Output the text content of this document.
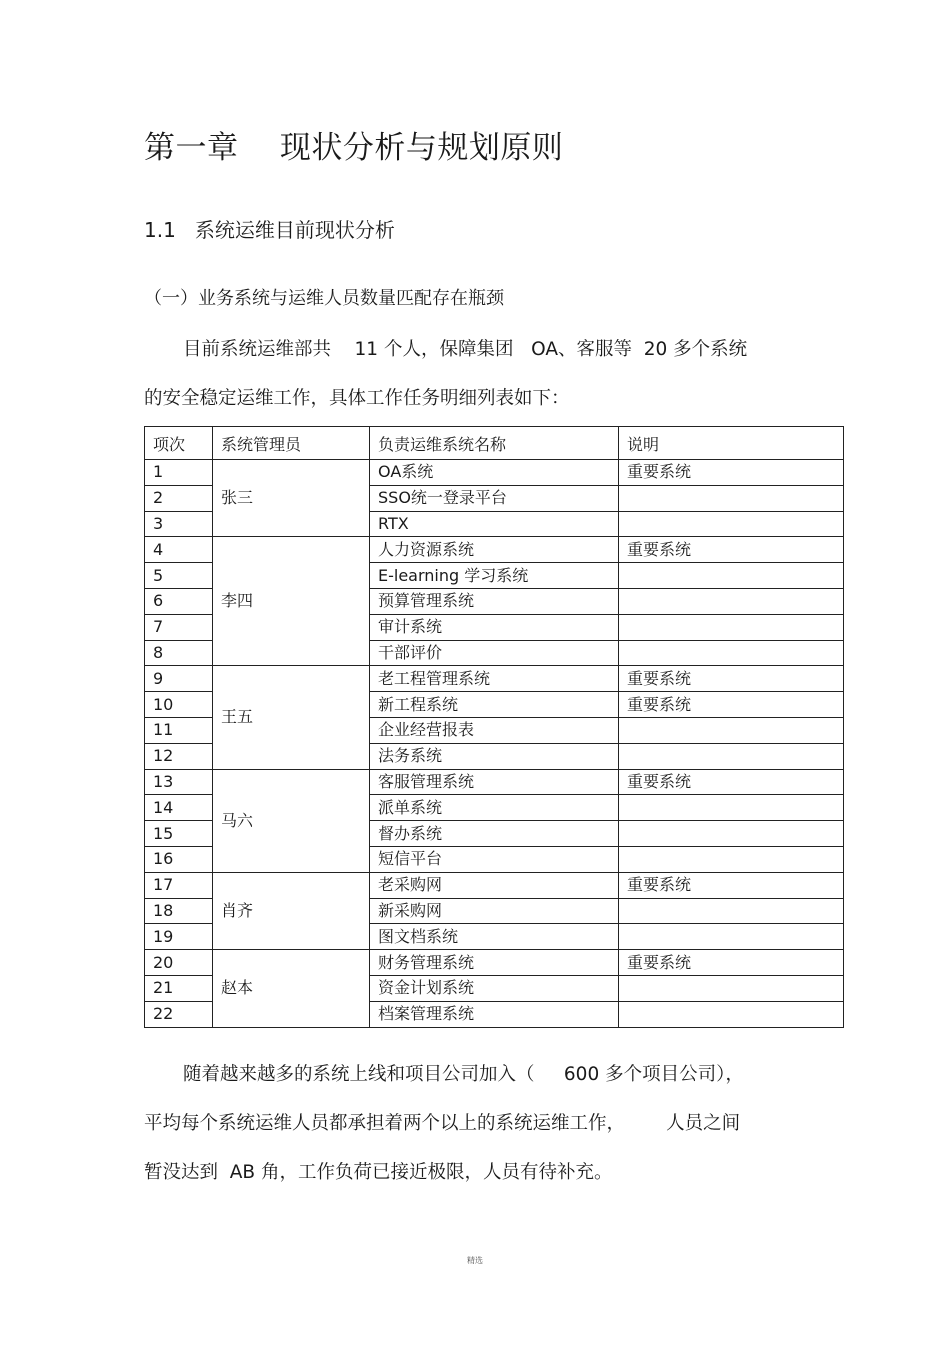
第一章    现状分析与规划原则
1.1   系统运维目前现状分析
（一）业务系统与运维人员数量匹配存在瓶颈
目前系统运维部共    11 个人，保障集团   OA、客服等  20 多个系统
的安全稳定运维工作，具体工作任务明细列表如下：
项次	系统管理员	负责运维系统名称	说明
1	张三	OA系统	重要系统
2		SSO统一登录平台	
3		RTX	
4	李四	人力资源系统	重要系统
5		E-learning 学习系统	
6		预算管理系统	
7		审计系统	
8		干部评价	
9	王五	老工程管理系统	重要系统
10		新工程系统	重要系统
11		企业经营报表	
12		法务系统	
13	马六	客服管理系统	重要系统
14		派单系统	
15		督办系统	
16		短信平台	
17	肖齐	老采购网	重要系统
18		新采购网	
19		图文档系统	
20	赵本	财务管理系统	重要系统
21		资金计划系统	
22		档案管理系统	
随着越来越多的系统上线和项目公司加入（     600 多个项目公司），
平均每个系统运维人员都承担着两个以上的系统运维工作，       人员之间
暂没达到  AB 角，工作负荷已接近极限，人员有待补充。
精选
